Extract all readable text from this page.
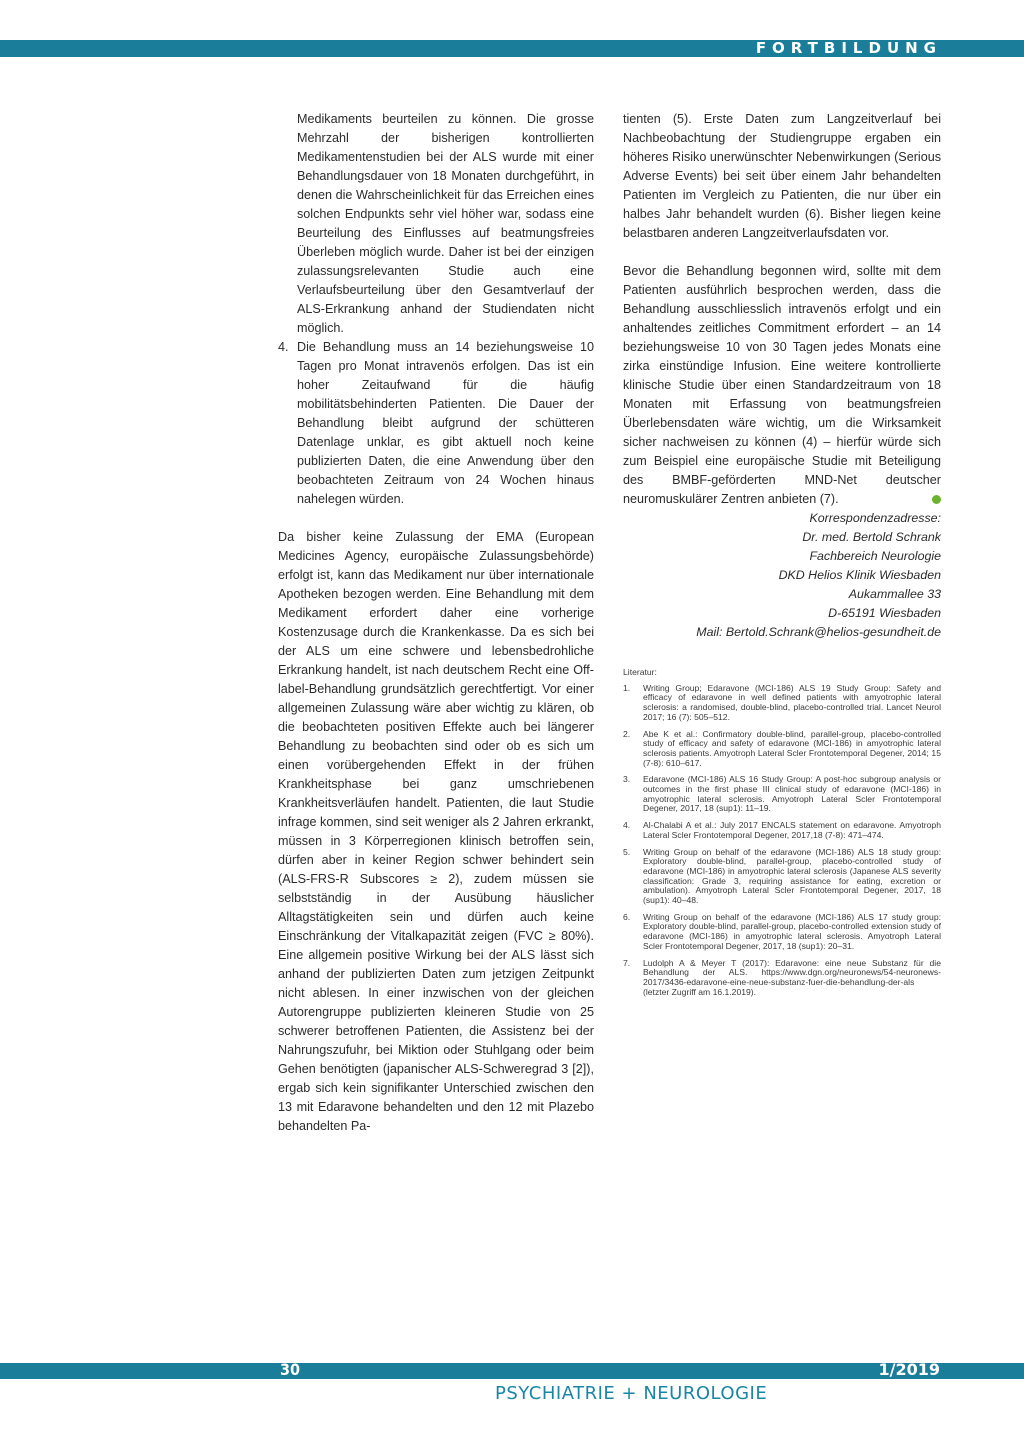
FORTBILDUNG
Medikaments beurteilen zu können. Die grosse Mehrzahl der bisherigen kontrollierten Medikamentenstudien bei der ALS wurde mit einer Behandlungsdauer von 18 Monaten durchgeführt, in denen die Wahrscheinlichkeit für das Erreichen eines solchen Endpunkts sehr viel höher war, sodass eine Beurteilung des Einflusses auf beatmungsfreies Überleben möglich wurde. Daher ist bei der einzigen zulassungsrelevanten Studie auch eine Verlaufsbeurteilung über den Gesamtverlauf der ALS-Erkrankung anhand der Studiendaten nicht möglich.
4. Die Behandlung muss an 14 beziehungsweise 10 Tagen pro Monat intravenös erfolgen. Das ist ein hoher Zeitaufwand für die häufig mobilitätsbehinderten Patienten. Die Dauer der Behandlung bleibt aufgrund der schütteren Datenlage unklar, es gibt aktuell noch keine publizierten Daten, die eine Anwendung über den beobachteten Zeitraum von 24 Wochen hinaus nahelegen würden.

Da bisher keine Zulassung der EMA (European Medicines Agency, europäische Zulassungsbehörde) erfolgt ist, kann das Medikament nur über internationale Apotheken bezogen werden. Eine Behandlung mit dem Medikament erfordert daher eine vorherige Kostenzusage durch die Krankenkasse. Da es sich bei der ALS um eine schwere und lebensbedrohliche Erkrankung handelt, ist nach deutschem Recht eine Off-label-Behandlung grundsätzlich gerechtfertigt. Vor einer allgemeinen Zulassung wäre aber wichtig zu klären, ob die beobachteten positiven Effekte auch bei längerer Behandlung zu beobachten sind oder ob es sich um einen vorübergehenden Effekt in der frühen Krankheitsphase bei ganz umschriebenen Krankheitsverläufen handelt. Patienten, die laut Studie infrage kommen, sind seit weniger als 2 Jahren erkrankt, müssen in 3 Körperregionen klinisch betroffen sein, dürfen aber in keiner Region schwer behindert sein (ALS-FRS-R Subscores ≥ 2), zudem müssen sie selbstständig in der Ausübung häuslicher Alltagstätigkeiten sein und dürfen auch keine Einschränkung der Vitalkapazität zeigen (FVC ≥ 80%). Eine allgemein positive Wirkung bei der ALS lässt sich anhand der publizierten Daten zum jetzigen Zeitpunkt nicht ablesen. In einer inzwischen von der gleichen Autorengruppe publizierten kleineren Studie von 25 schwerer betroffenen Patienten, die Assistenz bei der Nahrungszufuhr, bei Miktion oder Stuhlgang oder beim Gehen benötigten (japanischer ALS-Schweregrad 3 [2]), ergab sich kein signifikanter Unterschied zwischen den 13 mit Edaravone behandelten und den 12 mit Plazebo behandelten Pa-

tienten (5). Erste Daten zum Langzeitverlauf bei Nachbeobachtung der Studiengruppe ergaben ein höheres Risiko unerwünschter Nebenwirkungen (Serious Adverse Events) bei seit über einem Jahr behandelten Patienten im Vergleich zu Patienten, die nur über ein halbes Jahr behandelt wurden (6). Bisher liegen keine belastbaren anderen Langzeitverlaufsdaten vor.

Bevor die Behandlung begonnen wird, sollte mit dem Patienten ausführlich besprochen werden, dass die Behandlung ausschliesslich intravenös erfolgt und ein anhaltendes zeitliches Commitment erfordert – an 14 beziehungsweise 10 von 30 Tagen jedes Monats eine zirka einstündige Infusion. Eine weitere kontrollierte klinische Studie über einen Standardzeitraum von 18 Monaten mit Erfassung von beatmungsfreien Überlebensdaten wäre wichtig, um die Wirksamkeit sicher nachweisen zu können (4) – hierfür würde sich zum Beispiel eine europäische Studie mit Beteiligung des BMBF-geförderten MND-Net deutscher neuromuskulärer Zentren anbieten (7).

Korrespondenzadresse:
Dr. med. Bertold Schrank
Fachbereich Neurologie
DKD Helios Klinik Wiesbaden
Aukammallee 33
D-65191 Wiesbaden
Mail: Bertold.Schrank@helios-gesundheit.de
Literatur:
1. Writing Group; Edaravone (MCI-186) ALS 19 Study Group: Safety and efficacy of edaravone in well defined patients with amyotrophic lateral sclerosis: a randomised, double-blind, placebo-controlled trial. Lancet Neurol 2017; 16 (7): 505–512.
2. Abe K et al.: Confirmatory double-blind, parallel-group, placebo-controlled study of efficacy and safety of edaravone (MCI-186) in amyotrophic lateral sclerosis patients. Amyotroph Lateral Scler Frontotemporal Degener, 2014; 15 (7-8): 610–617.
3. Edaravone (MCI-186) ALS 16 Study Group: A post-hoc subgroup analysis or outcomes in the first phase III clinical study of edaravone (MCI-186) in amyotrophic lateral sclerosis. Amyotroph Lateral Scler Frontotemporal Degener, 2017, 18 (sup1): 11–19.
4. Al-Chalabi A et al.: July 2017 ENCALS statement on edaravone. Amyotroph Lateral Scler Frontotemporal Degener, 2017,18 (7-8): 471–474.
5. Writing Group on behalf of the edaravone (MCI-186) ALS 18 study group: Exploratory double-blind, parallel-group, placebo-controlled study of edaravone (MCI-186) in amyotrophic lateral sclerosis (Japanese ALS severity classification: Grade 3, requiring assistance for eating, excretion or ambulation). Amyotroph Lateral Scler Frontotemporal Degener, 2017, 18 (sup1): 40–48.
6. Writing Group on behalf of the edaravone (MCI-186) ALS 17 study group: Exploratory double-blind, parallel-group, placebo-controlled extension study of edaravone (MCI-186) in amyotrophic lateral sclerosis. Amyotroph Lateral Scler Frontotemporal Degener, 2017, 18 (sup1): 20–31.
7. Ludolph A & Meyer T (2017): Edaravone: eine neue Substanz für die Behandlung der ALS. https://www.dgn.org/neuronews/54-neuronews-2017/3436-edaravone-eine-neue-substanz-fuer-die-behandlung-der-als (letzter Zugriff am 16.1.2019).
30	1/2019
PSYCHIATRIE + NEUROLOGIE
